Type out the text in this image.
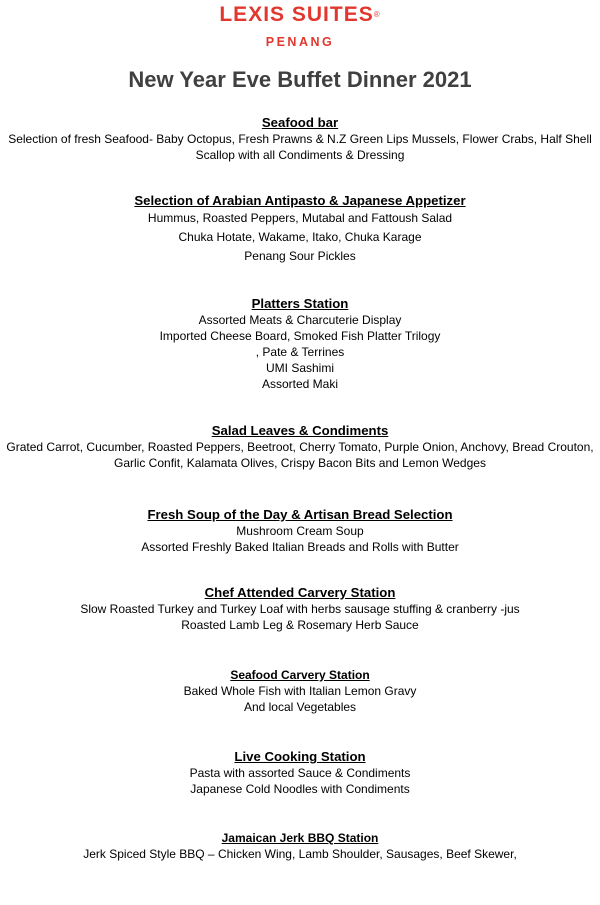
LEXIS SUITES®
PENANG
New Year Eve Buffet Dinner 2021
Seafood bar
Selection of fresh Seafood- Baby Octopus, Fresh Prawns & N.Z Green Lips Mussels, Flower Crabs, Half Shell
Scallop with all Condiments & Dressing
Selection of Arabian Antipasto & Japanese Appetizer
Hummus, Roasted Peppers, Mutabal and Fattoush Salad
Chuka Hotate, Wakame, Itako, Chuka Karage
Penang Sour Pickles
Platters Station
Assorted Meats & Charcuterie Display
Imported Cheese Board, Smoked Fish Platter Trilogy
, Pate & Terrines
UMI Sashimi
Assorted Maki
Salad Leaves & Condiments
Grated Carrot, Cucumber, Roasted Peppers, Beetroot, Cherry Tomato, Purple Onion, Anchovy, Bread Crouton,
Garlic Confit, Kalamata Olives, Crispy Bacon Bits and Lemon Wedges
Fresh Soup of the Day & Artisan Bread Selection
Mushroom Cream Soup
Assorted Freshly Baked Italian Breads and Rolls with Butter
Chef Attended Carvery Station
Slow Roasted Turkey and Turkey Loaf with herbs sausage stuffing & cranberry -jus
Roasted Lamb Leg & Rosemary Herb Sauce
Seafood Carvery Station
Baked Whole Fish with Italian Lemon Gravy
And local Vegetables
Live Cooking Station
Pasta with assorted Sauce & Condiments
Japanese Cold Noodles with Condiments
Jamaican Jerk BBQ Station
Jerk Spiced Style BBQ – Chicken Wing, Lamb Shoulder, Sausages, Beef Skewer,
